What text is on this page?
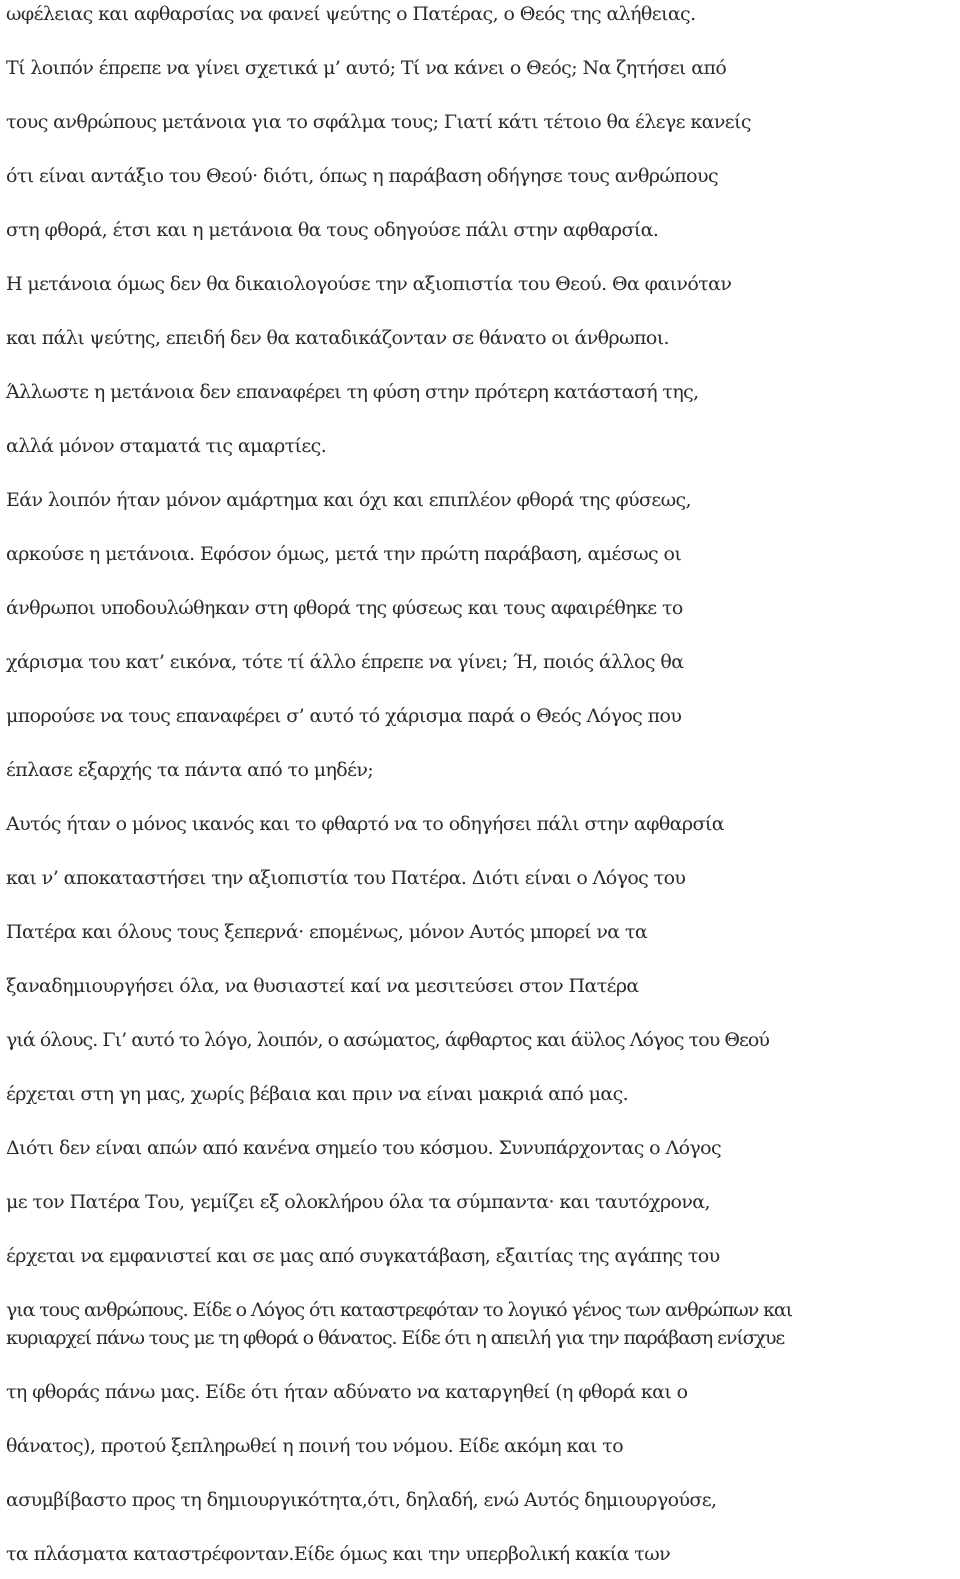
ωφέλειας και αφθαρσίας να φανεί ψεύτης ο Πατέρας, ο Θεός της αλήθειας.
Τί λοιπόν έπρεπε να γίνει σχετικά μ’ αυτό; Τί να κάνει ο Θεός; Να ζητήσει από
τους ανθρώπους μετάνοια για το σφάλμα τους; Γιατί κάτι τέτοιο θα έλεγε κανείς
ότι είναι αντάξιο του Θεού· διότι, όπως η παράβαση οδήγησε τους ανθρώπους
στη φθορά, έτσι και η μετάνοια θα τους οδηγούσε πάλι στην αφθαρσία.
Η μετάνοια όμως δεν θα δικαιολογούσε την αξιοπιστία του Θεού. Θα φαινόταν
και πάλι ψεύτης, επειδή δεν θα καταδικάζονταν σε θάνατο οι άνθρωποι.
Άλλωστε η μετάνοια δεν επαναφέρει τη φύση στην πρότερη κατάστασή της,
αλλά μόνον σταματά τις αμαρτίες.
Εάν λοιπόν ήταν μόνον αμάρτημα και όχι και επιπλέον φθορά της φύσεως,
αρκούσε η μετάνοια. Εφόσον όμως, μετά την πρώτη παράβαση, αμέσως οι
άνθρωποι υποδουλώθηκαν στη φθορά της φύσεως και τους αφαιρέθηκε το
χάρισμα του κατ’ εικόνα, τότε τί άλλο έπρεπε να γίνει; Ή, ποιός άλλος θα
μπορούσε να τους επαναφέρει σ’ αυτό τό χάρισμα παρά ο Θεός Λόγος που
έπλασε εξαρχής τα πάντα από το μηδέν;
Αυτός ήταν ο μόνος ικανός και το φθαρτό να το οδηγήσει πάλι στην αφθαρσία
και ν’ αποκαταστήσει την αξιοπιστία του Πατέρα. Διότι είναι ο Λόγος του
Πατέρα και όλους τους ξεπερνά· επομένως, μόνον Αυτός μπορεί να τα
ξαναδημιουργήσει όλα, να θυσιαστεί καί να μεσιτεύσει στον Πατέρα
γιά όλους. Γι’ αυτό το λόγο, λοιπόν, ο ασώματος, άφθαρτος και άϋλος Λόγος του Θεού
έρχεται στη γη μας, χωρίς βέβαια και πριν να είναι μακριά από μας.
Διότι δεν είναι απών από κανένα σημείο του κόσμου. Συνυπάρχοντας ο Λόγος
με τον Πατέρα Του, γεμίζει εξ ολοκλήρου όλα τα σύμπαντα· και ταυτόχρονα,
έρχεται να εμφανιστεί και σε μας από συγκατάβαση, εξαιτίας της αγάπης του
για τους ανθρώπους. Είδε ο Λόγος ότι καταστρεφόταν το λογικό γένος των ανθρώπων και
κυριαρχεί πάνω τους με τη φθορά ο θάνατος. Είδε ότι η απειλή για την παράβαση ενίσχυε
τη φθοράς πάνω μας. Είδε ότι ήταν αδύνατο να καταργηθεί (η φθορά και ο
θάνατος), προτού ξεπληρωθεί η ποινή του νόμου. Είδε ακόμη και το
ασυμβίβαστο προς τη δημιουργικότητα,ότι, δηλαδή, ενώ Αυτός δημιουργούσε,
τα πλάσματα καταστρέφονταν.Είδε όμως και την υπερβολική κακία των
